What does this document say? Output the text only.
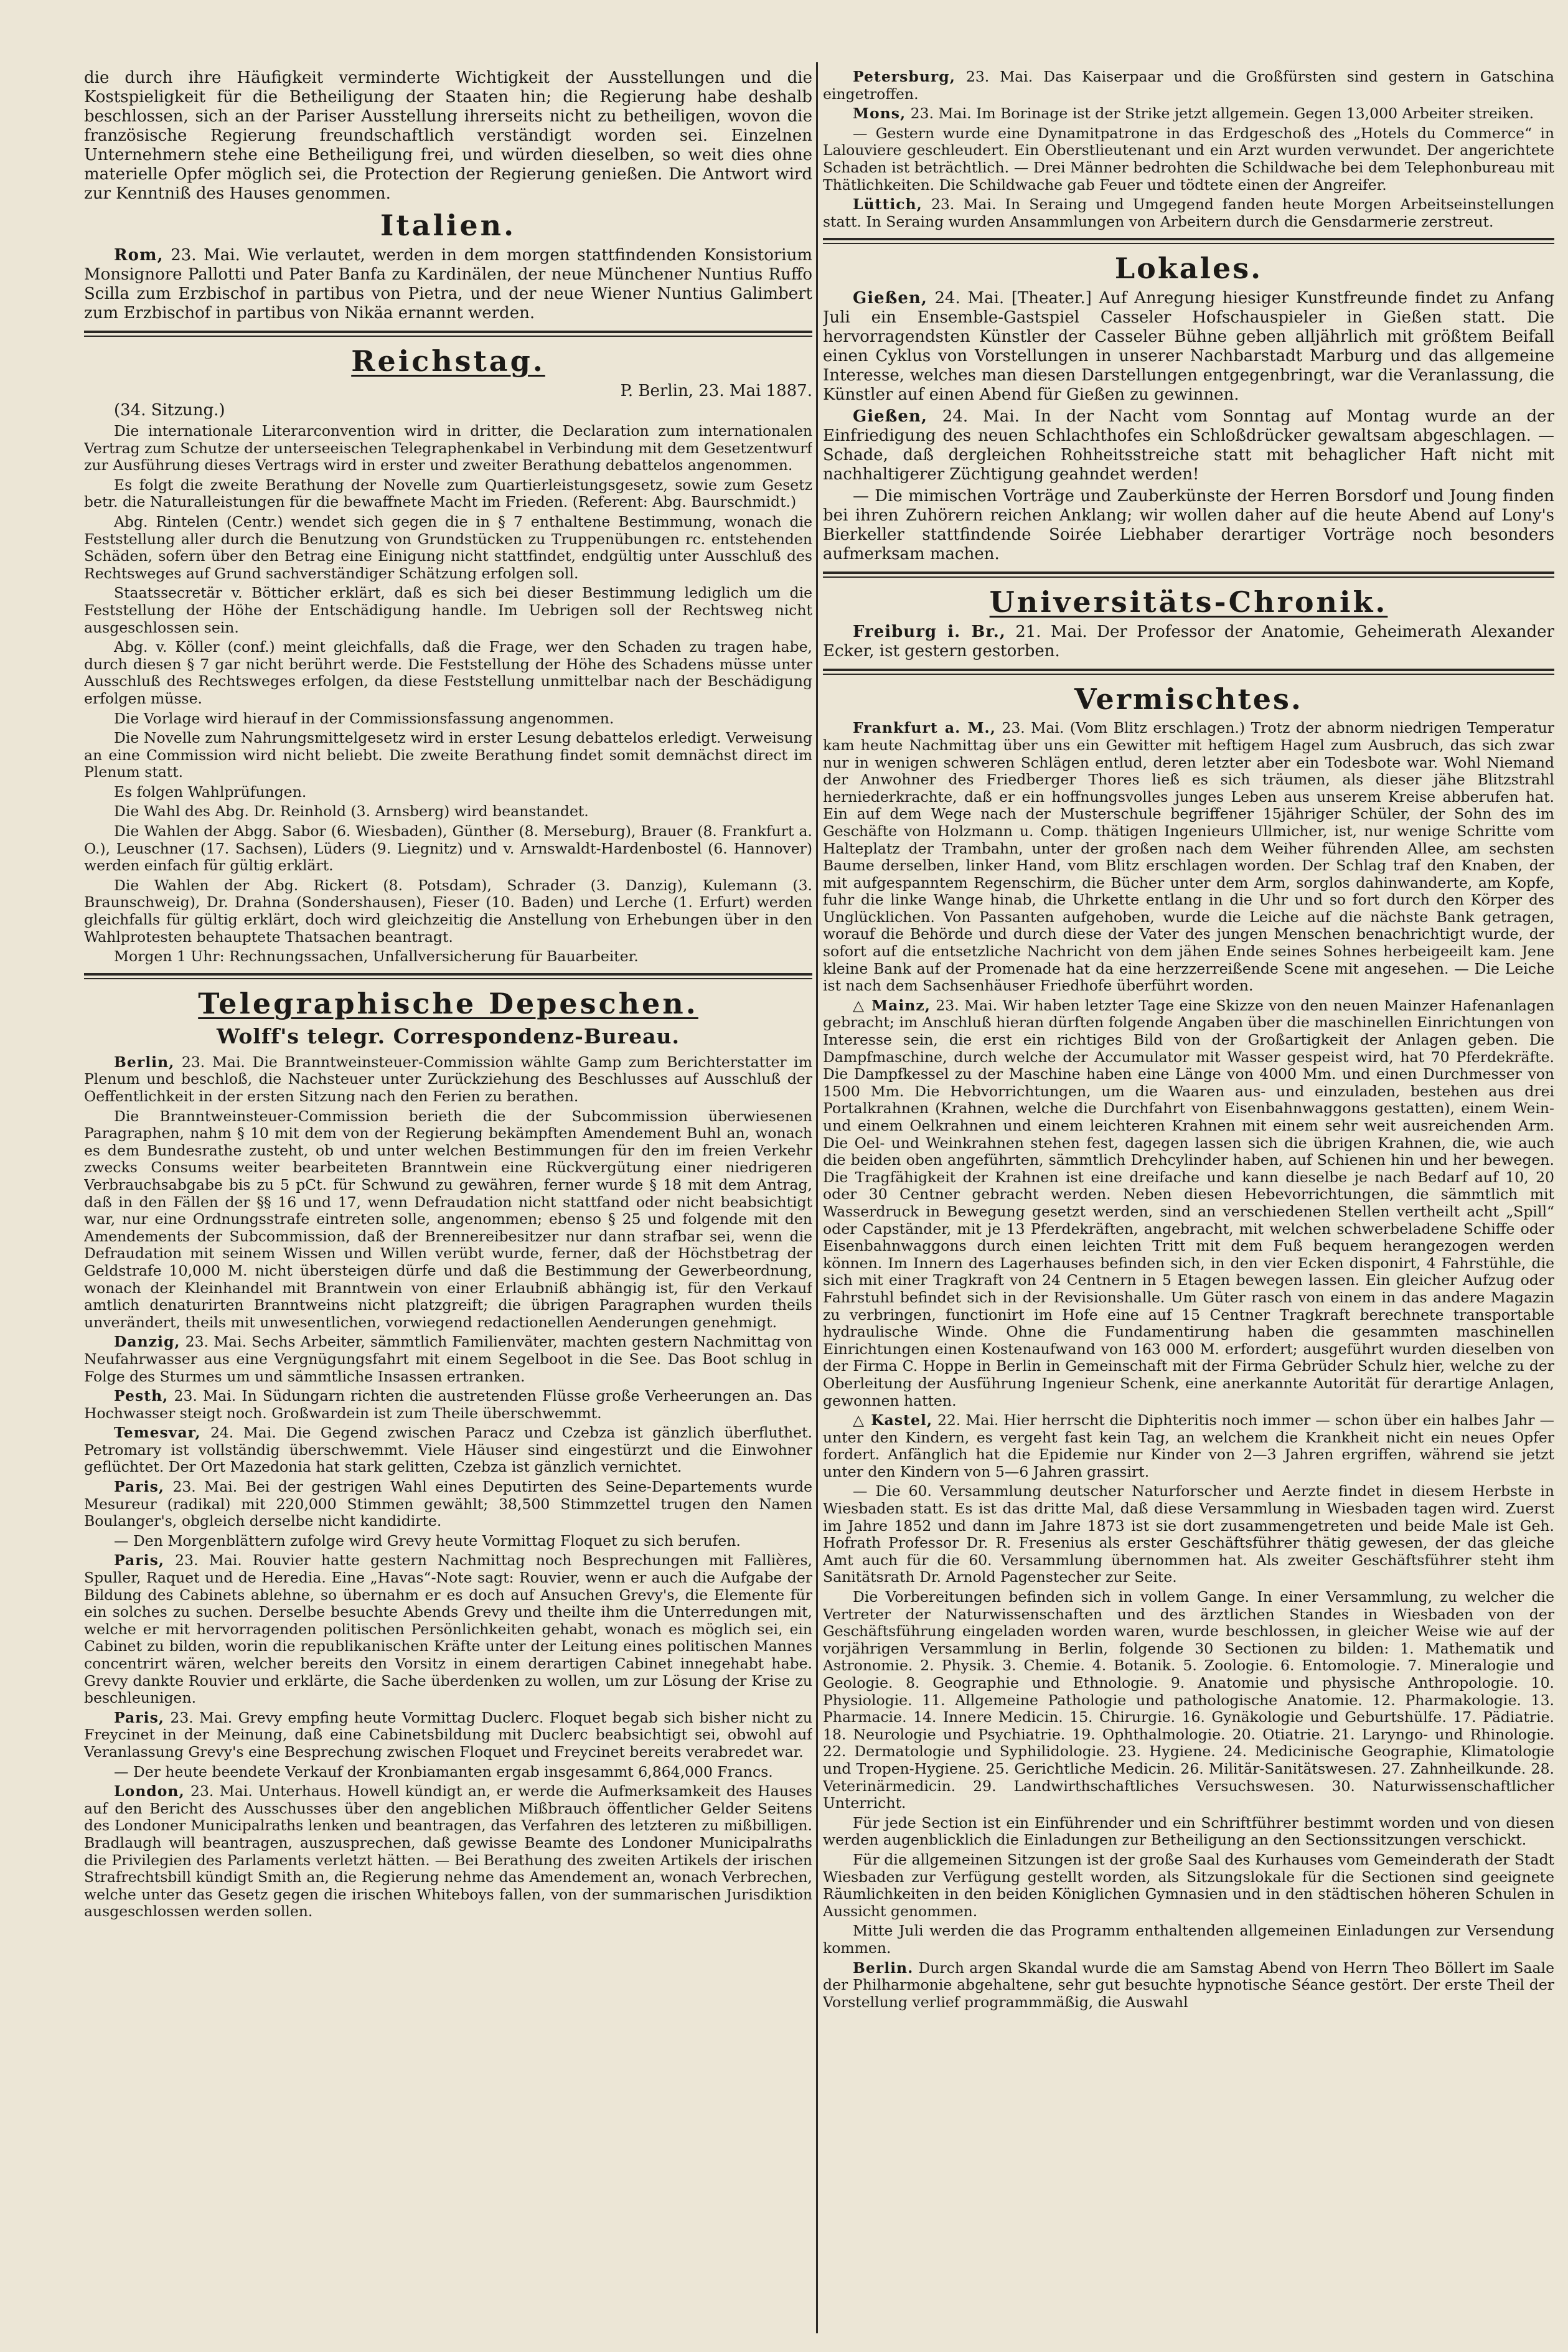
die durch ihre Häufigkeit verminderte Wichtigkeit der Ausstellungen und die Kostspieligkeit für die Betheiligung der Staaten hin; die Regierung habe deshalb beschlossen, sich an der Pariser Ausstellung ihrerseits nicht zu betheiligen, wovon die französische Regierung freundschaftlich verständigt worden sei. Einzelnen Unternehmern stehe eine Betheiligung frei, und würden dieselben, so weit dies ohne materielle Opfer möglich sei, die Protection der Regierung genießen. Die Antwort wird zur Kenntniß des Hauses genommen.

Italien.

Rom, 23. Mai. Wie verlautet, werden in dem morgen stattfindenden Konsistorium Monsignore Pallotti und Pater Banfa zu Kardinälen, der neue Münchener Nuntius Ruffo Scilla zum Erzbischof in partibus von Pietra, und der neue Wiener Nuntius Galimbert zum Erzbischof in partibus von Nikäa ernannt werden.

Reichstag.
P. Berlin, 23. Mai 1887.
(34. Sitzung.)

Die internationale Literarconvention wird in dritter, die Declaration zum internationalen Vertrag zum Schutze der unterseeischen Telegraphenkabel in Verbindung mit dem Gesetzentwurf zur Ausführung dieses Vertrags wird in erster und zweiter Berathung debattelos angenommen.

Es folgt die zweite Berathung der Novelle zum Quartierleistungsgesetz, sowie zum Gesetz betr. die Naturalleistungen für die bewaffnete Macht im Frieden. (Referent: Abg. Baurschmidt.)

Abg. Rintelen (Centr.) wendet sich gegen die in § 7 enthaltene Bestimmung, wonach die Feststellung aller durch die Benutzung von Grundstücken zu Truppenübungen rc. entstehenden Schäden, sofern über den Betrag eine Einigung nicht stattfindet, endgültig unter Ausschluß des Rechtsweges auf Grund sachverständiger Schätzung erfolgen soll.

Staatssecretär v. Bötticher erklärt, daß es sich bei dieser Bestimmung lediglich um die Feststellung der Höhe der Entschädigung handle. Im Uebrigen soll der Rechtsweg nicht ausgeschlossen sein.

Abg. v. Köller (conf.) meint gleichfalls, daß die Frage, wer den Schaden zu tragen habe, durch diesen § 7 gar nicht berührt werde. Die Feststellung der Höhe des Schadens müsse unter Ausschluß des Rechtsweges erfolgen, da diese Feststellung unmittelbar nach der Beschädigung erfolgen müsse.

Die Vorlage wird hierauf in der Commissionsfassung angenommen.

Die Novelle zum Nahrungsmittelgesetz wird in erster Lesung debattelos erledigt. Verweisung an eine Commission wird nicht beliebt. Die zweite Berathung findet somit demnächst direct im Plenum statt.

Es folgen Wahlprüfungen.

Die Wahl des Abg. Dr. Reinhold (3. Arnsberg) wird beanstandet.

Die Wahlen der Abgg. Sabor (6. Wiesbaden), Günther (8. Merseburg), Brauer (8. Frankfurt a. O.), Leuschner (17. Sachsen), Lüders (9. Liegnitz) und v. Arnswaldt-Hardenbostel (6. Hannover) werden einfach für gültig erklärt.

Die Wahlen der Abg. Rickert (8. Potsdam), Schrader (3. Danzig), Kulemann (3. Braunschweig), Dr. Drahna (Sondershausen), Fieser (10. Baden) und Lerche (1. Erfurt) werden gleichfalls für gültig erklärt, doch wird gleichzeitig die Anstellung von Erhebungen über in den Wahlprotesten behauptete Thatsachen beantragt.

Morgen 1 Uhr: Rechnungssachen, Unfallversicherung für Bauarbeiter.

Telegraphische Depeschen.
Wolff's telegr. Correspondenz-Bureau.

Berlin, 23. Mai. Die Branntweinsteuer-Commission wählte Gamp zum Berichterstatter im Plenum und beschloß, die Nachsteuer unter Zurückziehung des Beschlusses auf Ausschluß der Oeffentlichkeit in der ersten Sitzung nach den Ferien zu berathen.

Die Branntweinsteuer-Commission berieth die der Subcommission überwiesenen Paragraphen, nahm § 10 mit dem von der Regierung bekämpften Amendement Buhl an, wonach es dem Bundesrathe zusteht, ob und unter welchen Bestimmungen für den im freien Verkehr zwecks Consums weiter bearbeiteten Branntwein eine Rückvergütung einer niedrigeren Verbrauchsabgabe bis zu 5 pCt. für Schwund zu gewähren, ferner wurde § 18 mit dem Antrag, daß in den Fällen der §§ 16 und 17, wenn Defraudation nicht stattfand oder nicht beabsichtigt war, nur eine Ordnungsstrafe eintreten solle, angenommen; ebenso § 25 und folgende mit den Amendements der Subcommission, daß der Brennereibesitzer nur dann strafbar sei, wenn die Defraudation mit seinem Wissen und Willen verübt wurde, ferner, daß der Höchstbetrag der Geldstrafe 10,000 M. nicht übersteigen dürfe und daß die Bestimmung der Gewerbeordnung, wonach der Kleinhandel mit Branntwein von einer Erlaubniß abhängig ist, für den Verkauf amtlich denaturirten Branntweins nicht platzgreift; die übrigen Paragraphen wurden theils unverändert, theils mit unwesentlichen, vorwiegend redactionellen Aenderungen genehmigt.

Danzig, 23. Mai. Sechs Arbeiter, sämmtlich Familienväter, machten gestern Nachmittag von Neufahrwasser aus eine Vergnügungsfahrt mit einem Segelboot in die See. Das Boot schlug in Folge des Sturmes um und sämmtliche Insassen ertranken.

Pesth, 23. Mai. In Südungarn richten die austretenden Flüsse große Verheerungen an. Das Hochwasser steigt noch. Großwardein ist zum Theile überschwemmt.

Temesvar, 24. Mai. Die Gegend zwischen Paracz und Czebza ist gänzlich überfluthet. Petromary ist vollständig überschwemmt. Viele Häuser sind eingestürzt und die Einwohner geflüchtet. Der Ort Mazedonia hat stark gelitten, Czebza ist gänzlich vernichtet.

Paris, 23. Mai. Bei der gestrigen Wahl eines Deputirten des Seine-Departements wurde Mesureur (radikal) mit 220,000 Stimmen gewählt; 38,500 Stimmzettel trugen den Namen Boulanger's, obgleich derselbe nicht kandidirte.

— Den Morgenblättern zufolge wird Grevy heute Vormittag Floquet zu sich berufen.

Paris, 23. Mai. Rouvier hatte gestern Nachmittag noch Besprechungen mit Fallières, Spuller, Raquet und de Heredia. Eine „Havas“-Note sagt: Rouvier, wenn er auch die Aufgabe der Bildung des Cabinets ablehne, so übernahm er es doch auf Ansuchen Grevy's, die Elemente für ein solches zu suchen. Derselbe besuchte Abends Grevy und theilte ihm die Unterredungen mit, welche er mit hervorragenden politischen Persönlichkeiten gehabt, wonach es möglich sei, ein Cabinet zu bilden, worin die republikanischen Kräfte unter der Leitung eines politischen Mannes concentrirt wären, welcher bereits den Vorsitz in einem derartigen Cabinet innegehabt habe. Grevy dankte Rouvier und erklärte, die Sache überdenken zu wollen, um zur Lösung der Krise zu beschleunigen.

Paris, 23. Mai. Grevy empfing heute Vormittag Duclerc. Floquet begab sich bisher nicht zu Freycinet in der Meinung, daß eine Cabinetsbildung mit Duclerc beabsichtigt sei, obwohl auf Veranlassung Grevy's eine Besprechung zwischen Floquet und Freycinet bereits verabredet war.

— Der heute beendete Verkauf der Kronbiamanten ergab insgesammt 6,864,000 Francs.

London, 23. Mai. Unterhaus. Howell kündigt an, er werde die Aufmerksamkeit des Hauses auf den Bericht des Ausschusses über den angeblichen Mißbrauch öffentlicher Gelder Seitens des Londoner Municipalraths lenken und beantragen, das Verfahren des letzteren zu mißbilligen. Bradlaugh will beantragen, auszusprechen, daß gewisse Beamte des Londoner Municipalraths die Privilegien des Parlaments verletzt hätten. — Bei Berathung des zweiten Artikels der irischen Strafrechtsbill kündigt Smith an, die Regierung nehme das Amendement an, wonach Verbrechen, welche unter das Gesetz gegen die irischen Whiteboys fallen, von der summarischen Jurisdiktion ausgeschlossen werden sollen.

Petersburg, 23. Mai. Das Kaiserpaar und die Großfürsten sind gestern in Gatschina eingetroffen.

Mons, 23. Mai. Im Borinage ist der Strike jetzt allgemein. Gegen 13,000 Arbeiter streiken.

— Gestern wurde eine Dynamitpatrone in das Erdgeschoß des „Hotels du Commerce“ in Lalouviere geschleudert. Ein Oberstlieutenant und ein Arzt wurden verwundet. Der angerichtete Schaden ist beträchtlich. — Drei Männer bedrohten die Schildwache bei dem Telephonbureau mit Thätlichkeiten. Die Schildwache gab Feuer und tödtete einen der Angreifer.

Lüttich, 23. Mai. In Seraing und Umgegend fanden heute Morgen Arbeitseinstellungen statt. In Seraing wurden Ansammlungen von Arbeitern durch die Gensdarmerie zerstreut.

Lokales.

Gießen, 24. Mai. [Theater.] Auf Anregung hiesiger Kunstfreunde findet zu Anfang Juli ein Ensemble-Gastspiel Casseler Hofschauspieler in Gießen statt. Die hervorragendsten Künstler der Casseler Bühne geben alljährlich mit größtem Beifall einen Cyklus von Vorstellungen in unserer Nachbarstadt Marburg und das allgemeine Interesse, welches man diesen Darstellungen entgegenbringt, war die Veranlassung, die Künstler auf einen Abend für Gießen zu gewinnen.

Gießen, 24. Mai. In der Nacht vom Sonntag auf Montag wurde an der Einfriedigung des neuen Schlachthofes ein Schloßdrücker gewaltsam abgeschlagen. — Schade, daß dergleichen Rohheitsstreiche statt mit behaglicher Haft nicht mit nachhaltigerer Züchtigung geahndet werden!

— Die mimischen Vorträge und Zauberkünste der Herren Borsdorf und Joung finden bei ihren Zuhörern reichen Anklang; wir wollen daher auf die heute Abend auf Lony's Bierkeller stattfindende Soirée Liebhaber derartiger Vorträge noch besonders aufmerksam machen.

Universitäts-Chronik.

Freiburg i. Br., 21. Mai. Der Professor der Anatomie, Geheimerath Alexander Ecker, ist gestern gestorben.

Vermischtes.

Frankfurt a. M., 23. Mai. (Vom Blitz erschlagen.) Trotz der abnorm niedrigen Temperatur kam heute Nachmittag über uns ein Gewitter mit heftigem Hagel zum Ausbruch, das sich zwar nur in wenigen schweren Schlägen entlud, deren letzter aber ein Todesbote war. Wohl Niemand der Anwohner des Friedberger Thores ließ es sich träumen, als dieser jähe Blitzstrahl herniederkrachte, daß er ein hoffnungsvolles junges Leben aus unserem Kreise abberufen hat. Ein auf dem Wege nach der Musterschule begriffener 15jähriger Schüler, der Sohn des im Geschäfte von Holzmann u. Comp. thätigen Ingenieurs Ullmicher, ist, nur wenige Schritte vom Halteplatz der Trambahn, unter der großen nach dem Weiher führenden Allee, am sechsten Baume derselben, linker Hand, vom Blitz erschlagen worden. Der Schlag traf den Knaben, der mit aufgespanntem Regenschirm, die Bücher unter dem Arm, sorglos dahinwanderte, am Kopfe, fuhr die linke Wange hinab, die Uhrkette entlang in die Uhr und so fort durch den Körper des Unglücklichen. Von Passanten aufgehoben, wurde die Leiche auf die nächste Bank getragen, worauf die Behörde und durch diese der Vater des jungen Menschen benachrichtigt wurde, der sofort auf die entsetzliche Nachricht von dem jähen Ende seines Sohnes herbeigeeilt kam. Jene kleine Bank auf der Promenade hat da eine herzzerreißende Scene mit angesehen. — Die Leiche ist nach dem Sachsenhäuser Friedhofe überführt worden.

△ Mainz, 23. Mai. Wir haben letzter Tage eine Skizze von den neuen Mainzer Hafenanlagen gebracht; im Anschluß hieran dürften folgende Angaben über die maschinellen Einrichtungen von Interesse sein, die erst ein richtiges Bild von der Großartigkeit der Anlagen geben. Die Dampfmaschine, durch welche der Accumulator mit Wasser gespeist wird, hat 70 Pferdekräfte. Die Dampfkessel zu der Maschine haben eine Länge von 4000 Mm. und einen Durchmesser von 1500 Mm. Die Hebvorrichtungen, um die Waaren aus- und einzuladen, bestehen aus drei Portalkrahnen (Krahnen, welche die Durchfahrt von Eisenbahnwaggons gestatten), einem Wein- und einem Oelkrahnen und einem leichteren Krahnen mit einem sehr weit ausreichenden Arm. Die Oel- und Weinkrahnen stehen fest, dagegen lassen sich die übrigen Krahnen, die, wie auch die beiden oben angeführten, sämmtlich Drehcylinder haben, auf Schienen hin und her bewegen. Die Tragfähigkeit der Krahnen ist eine dreifache und kann dieselbe je nach Bedarf auf 10, 20 oder 30 Centner gebracht werden. Neben diesen Hebevorrichtungen, die sämmtlich mit Wasserdruck in Bewegung gesetzt werden, sind an verschiedenen Stellen vertheilt acht „Spill“ oder Capständer, mit je 13 Pferdekräften, angebracht, mit welchen schwerbeladene Schiffe oder Eisenbahnwaggons durch einen leichten Tritt mit dem Fuß bequem herangezogen werden können. Im Innern des Lagerhauses befinden sich, in den vier Ecken disponirt, 4 Fahrstühle, die sich mit einer Tragkraft von 24 Centnern in 5 Etagen bewegen lassen. Ein gleicher Aufzug oder Fahrstuhl befindet sich in der Revisionshalle. Um Güter rasch von einem in das andere Magazin zu verbringen, functionirt im Hofe eine auf 15 Centner Tragkraft berechnete transportable hydraulische Winde. Ohne die Fundamentirung haben die gesammten maschinellen Einrichtungen einen Kostenaufwand von 163 000 M. erfordert; ausgeführt wurden dieselben von der Firma C. Hoppe in Berlin in Gemeinschaft mit der Firma Gebrüder Schulz hier, welche zu der Oberleitung der Ausführung Ingenieur Schenk, eine anerkannte Autorität für derartige Anlagen, gewonnen hatten.

△ Kastel, 22. Mai. Hier herrscht die Diphteritis noch immer — schon über ein halbes Jahr — unter den Kindern, es vergeht fast kein Tag, an welchem die Krankheit nicht ein neues Opfer fordert. Anfänglich hat die Epidemie nur Kinder von 2—3 Jahren ergriffen, während sie jetzt unter den Kindern von 5—6 Jahren grassirt.

— Die 60. Versammlung deutscher Naturforscher und Aerzte findet in diesem Herbste in Wiesbaden statt. Es ist das dritte Mal, daß diese Versammlung in Wiesbaden tagen wird. Zuerst im Jahre 1852 und dann im Jahre 1873 ist sie dort zusammengetreten und beide Male ist Geh. Hofrath Professor Dr. R. Fresenius als erster Geschäftsführer thätig gewesen, der das gleiche Amt auch für die 60. Versammlung übernommen hat. Als zweiter Geschäftsführer steht ihm Sanitätsrath Dr. Arnold Pagenstecher zur Seite.

Die Vorbereitungen befinden sich in vollem Gange. In einer Versammlung, zu welcher die Vertreter der Naturwissenschaften und des ärztlichen Standes in Wiesbaden von der Geschäftsführung eingeladen worden waren, wurde beschlossen, in gleicher Weise wie auf der vorjährigen Versammlung in Berlin, folgende 30 Sectionen zu bilden: 1. Mathematik und Astronomie. 2. Physik. 3. Chemie. 4. Botanik. 5. Zoologie. 6. Entomologie. 7. Mineralogie und Geologie. 8. Geographie und Ethnologie. 9. Anatomie und physische Anthropologie. 10. Physiologie. 11. Allgemeine Pathologie und pathologische Anatomie. 12. Pharmakologie. 13. Pharmacie. 14. Innere Medicin. 15. Chirurgie. 16. Gynäkologie und Geburtshülfe. 17. Pädiatrie. 18. Neurologie und Psychiatrie. 19. Ophthalmologie. 20. Otiatrie. 21. Laryngo- und Rhinologie. 22. Dermatologie und Syphilidologie. 23. Hygiene. 24. Medicinische Geographie, Klimatologie und Tropen-Hygiene. 25. Gerichtliche Medicin. 26. Militär-Sanitätswesen. 27. Zahnheilkunde. 28. Veterinärmedicin. 29. Landwirthschaftliches Versuchswesen. 30. Naturwissenschaftlicher Unterricht.

Für jede Section ist ein Einführender und ein Schriftführer bestimmt worden und von diesen werden augenblicklich die Einladungen zur Betheiligung an den Sectionssitzungen verschickt.

Für die allgemeinen Sitzungen ist der große Saal des Kurhauses vom Gemeinderath der Stadt Wiesbaden zur Verfügung gestellt worden, als Sitzungslokale für die Sectionen sind geeignete Räumlichkeiten in den beiden Königlichen Gymnasien und in den städtischen höheren Schulen in Aussicht genommen.

Mitte Juli werden die das Programm enthaltenden allgemeinen Einladungen zur Versendung kommen.

Berlin. Durch argen Skandal wurde die am Samstag Abend von Herrn Theo Böllert im Saale der Philharmonie abgehaltene, sehr gut besuchte hypnotische Séance gestört. Der erste Theil der Vorstellung verlief programmmäßig, die Auswahl
